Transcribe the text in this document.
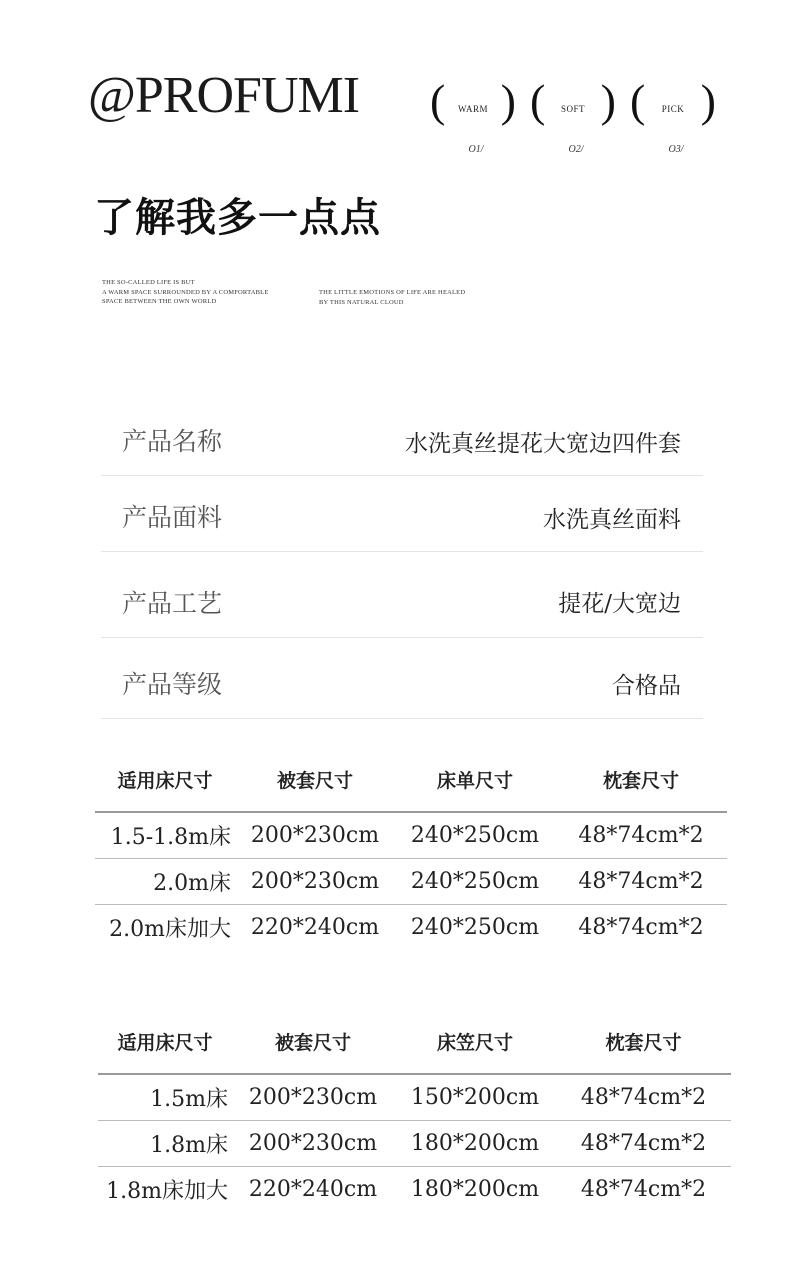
@PROFUMI (	WARM )
O1/
(	SOFT )
O2/
(	PICK )
O3/
了解我多一点点
THE SO-CALLED LIFE IS BUT
A WARM SPACE SURROUNDED BY A COMFORTABLE
SPACE BETWEEN THE OWN WORLD
THE LITTLE EMOTIONS OF LIFE ARE HEALED
BY THIS NATURAL CLOUD
产品名称	水洗真丝提花大宽边四件套
产品面料	水洗真丝面料
产品工艺	提花/大宽边
产品等级	合格品
适用床尺寸	被套尺寸	床单尺寸	枕套尺寸
1.5-1.8m床	200*230cm	240*250cm	48*74cm*2
2.0m床	200*230cm	240*250cm	48*74cm*2
2.0m床加大	220*240cm	240*250cm	48*74cm*2
适用床尺寸	被套尺寸	床笠尺寸	枕套尺寸
1.5m床	200*230cm	150*200cm	48*74cm*2
1.8m床	200*230cm	180*200cm	48*74cm*2
1.8m床加大	220*240cm	180*200cm	48*74cm*2
